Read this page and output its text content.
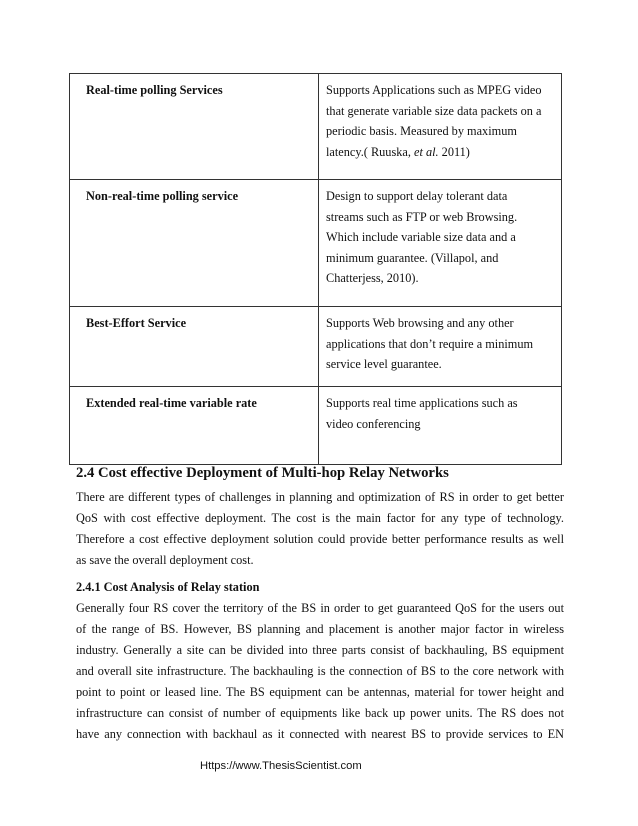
Real-time polling Services	Supports Applications such as MPEG video
that generate variable size data packets on a
periodic basis. Measured by maximum
latency.( Ruuska, et al. 2011)

Non-real-time polling service	Design to support delay tolerant data
streams such as FTP or web Browsing.
Which include variable size data and a
minimum guarantee. (Villapol, and
Chatterjess, 2010).

Best-Effort Service	Supports Web browsing and any other
applications that don’t require a minimum
service level guarantee.

Extended real-time variable rate	Supports real time applications such as
video conferencing
2.4 Cost effective Deployment of Multi-hop Relay Networks
There are different types of challenges in planning and optimization of RS in order to get better
QoS with cost effective deployment. The cost is the main factor for any type of technology.
Therefore a cost effective deployment solution could provide better performance results as well
as save the overall deployment cost.
2.4.1 Cost Analysis of Relay station
Generally four RS cover the territory of the BS in order to get guaranteed QoS for the users out
of the range of BS. However, BS planning and placement is another major factor in wireless
industry. Generally a site can be divided into three parts consist of backhauling, BS equipment
and overall site infrastructure. The backhauling is the connection of BS to the core network with
point to point or leased line. The BS equipment can be antennas, material for tower height and
infrastructure can consist of number of equipments like back up power units. The RS does not
have any connection with backhaul as it connected with nearest BS to provide services to EN
Https://www.ThesisScientist.com
